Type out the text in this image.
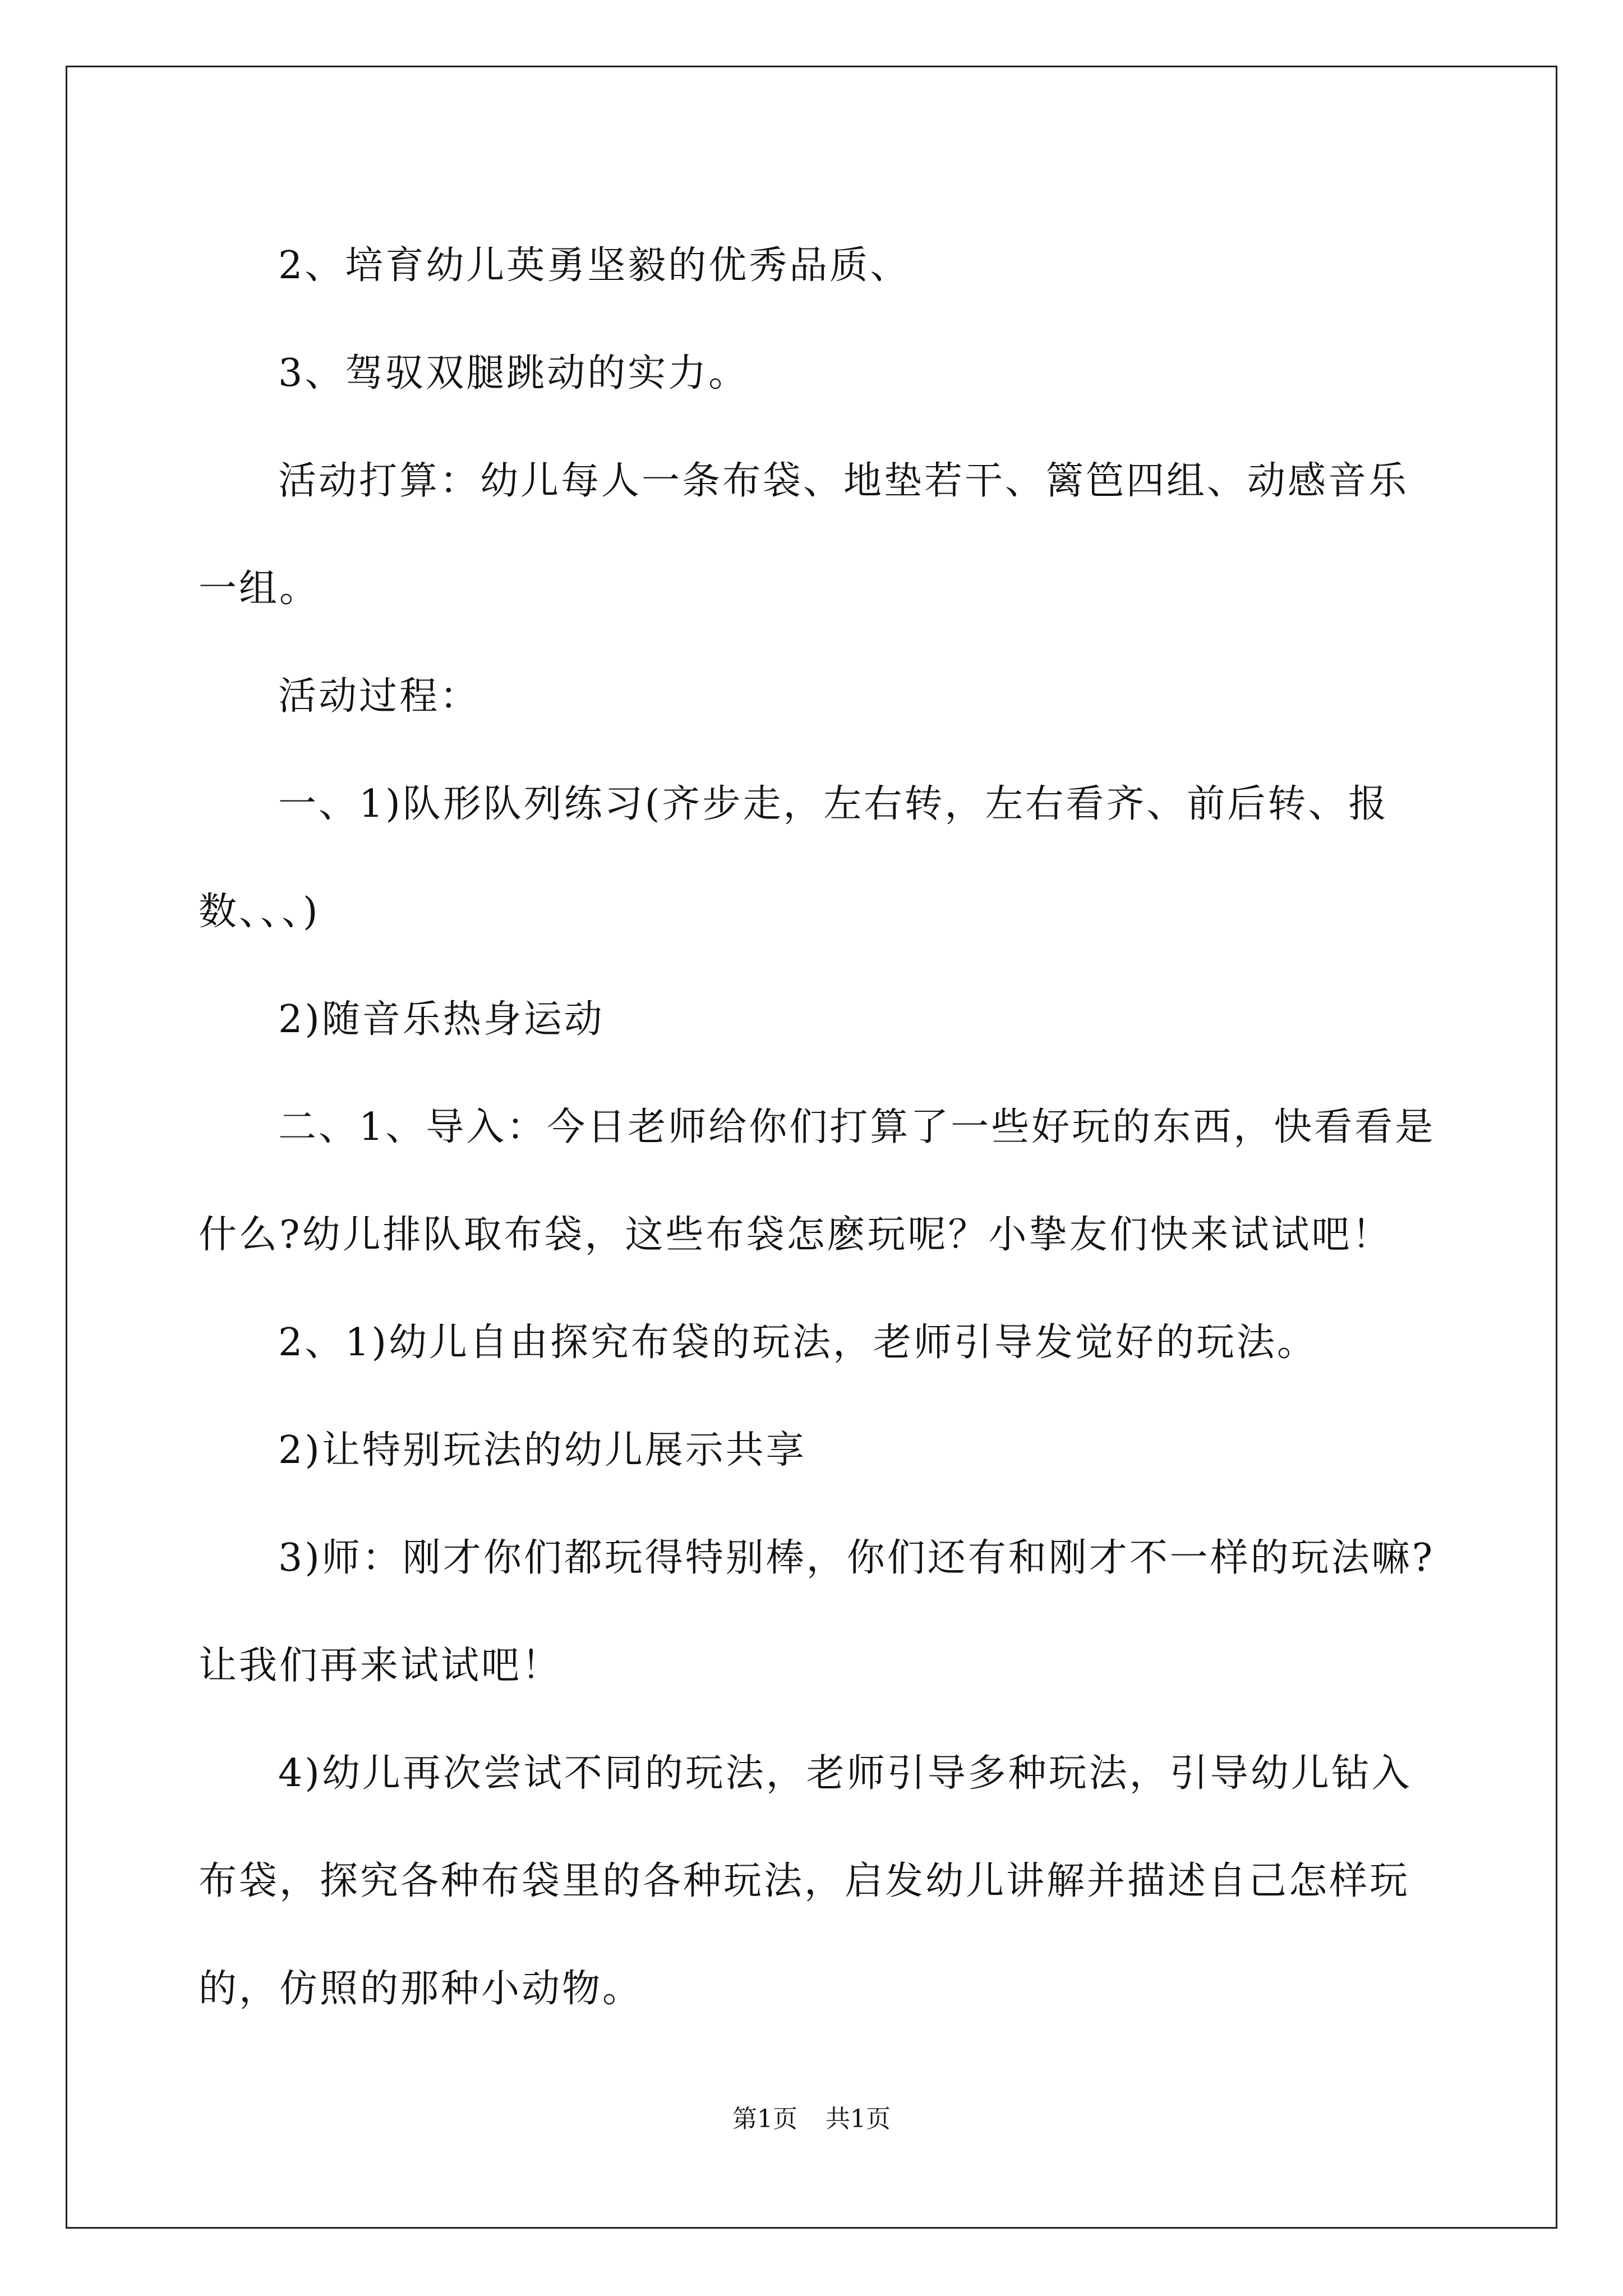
2、培育幼儿英勇坚毅的优秀品质、

3、驾驭双腿跳动的实力。

活动打算：幼儿每人一条布袋、地垫若干、篱笆四组、动感音乐一组。

活动过程：

一、1)队形队列练习(齐步走，左右转，左右看齐、前后转、报数、、、)

2)随音乐热身运动

二、1、导入：今日老师给你们打算了一些好玩的东西，快看看是什么?幼儿排队取布袋，这些布袋怎麽玩呢？小挚友们快来试试吧！

2、1)幼儿自由探究布袋的玩法，老师引导发觉好的玩法。

2)让特别玩法的幼儿展示共享

3)师：刚才你们都玩得特别棒，你们还有和刚才不一样的玩法嘛?让我们再来试试吧！

4)幼儿再次尝试不同的玩法，老师引导多种玩法，引导幼儿钻入布袋，探究各种布袋里的各种玩法，启发幼儿讲解并描述自己怎样玩的，仿照的那种小动物。

第1页 共1页
